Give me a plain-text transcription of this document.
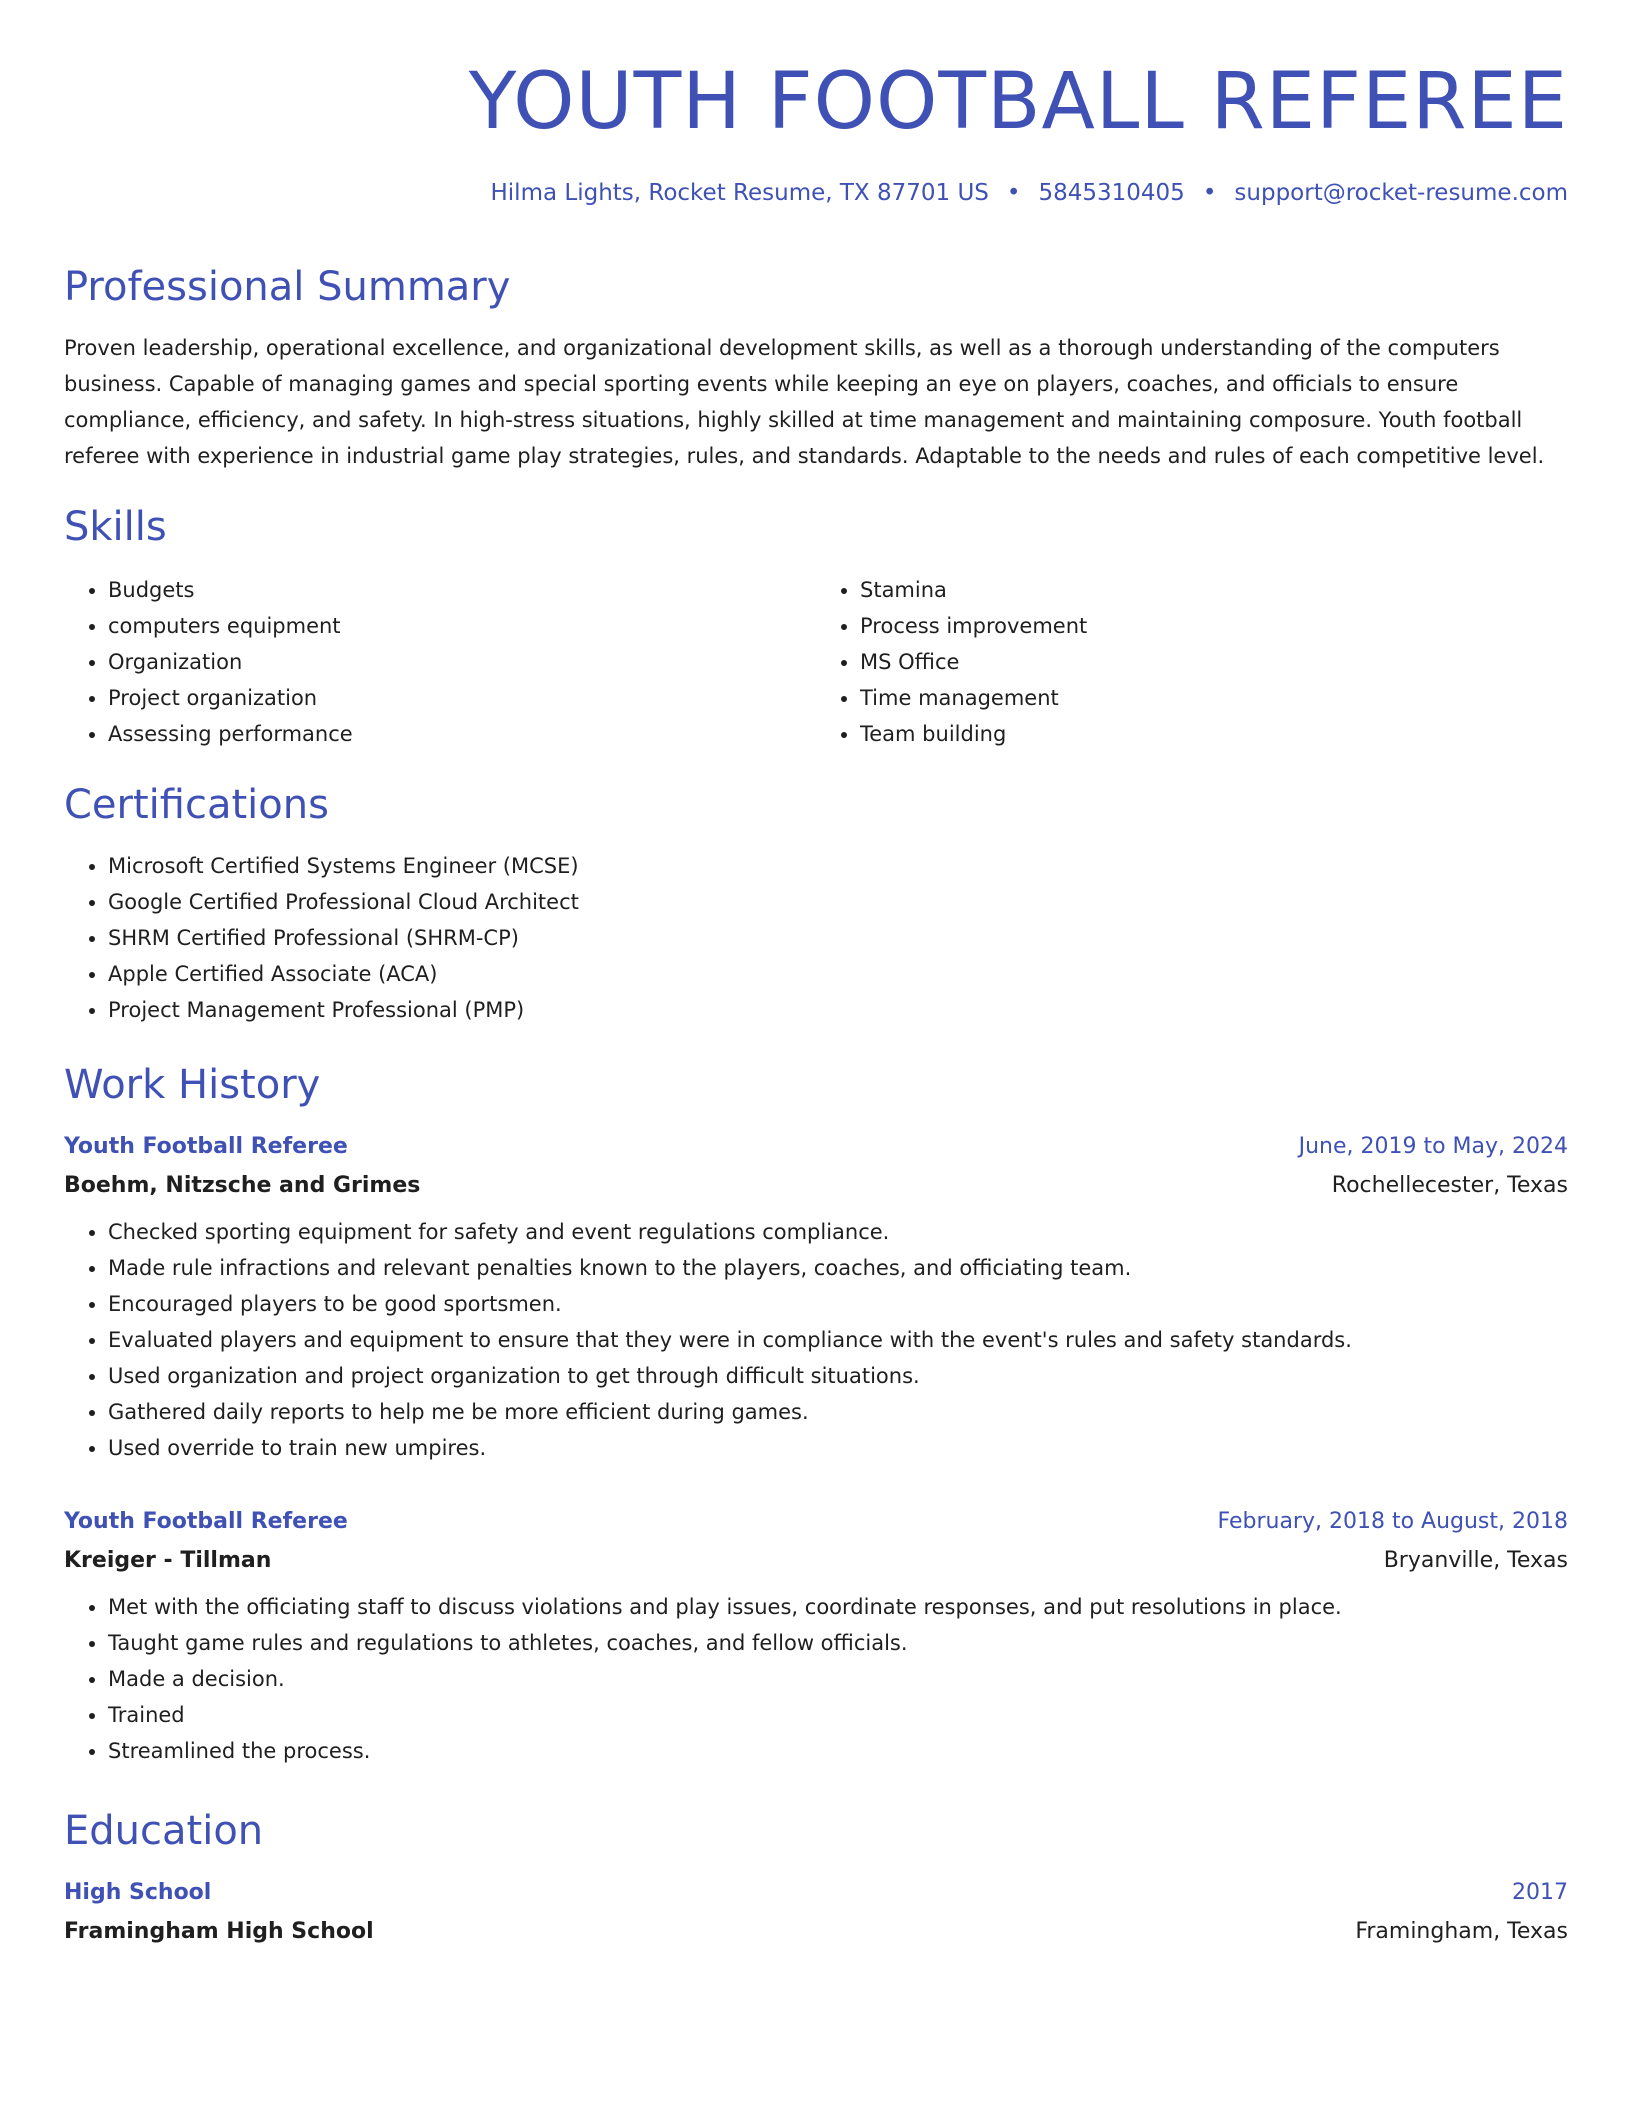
YOUTH FOOTBALL REFEREE
Hilma Lights, Rocket Resume, TX 87701 US • 5845310405 • support@rocket-resume.com
Professional Summary

Proven leadership, operational excellence, and organizational development skills, as well as a thorough understanding of the computers business. Capable of managing games and special sporting events while keeping an eye on players, coaches, and officials to ensure compliance, efficiency, and safety. In high-stress situations, highly skilled at time management and maintaining composure. Youth football referee with experience in industrial game play strategies, rules, and standards. Adaptable to the needs and rules of each competitive level.

Skills
• Budgets
• computers equipment
• Organization
• Project organization
• Assessing performance
• Stamina
• Process improvement
• MS Office
• Time management
• Team building
Certifications
• Microsoft Certified Systems Engineer (MCSE)
• Google Certified Professional Cloud Architect
• SHRM Certified Professional (SHRM-CP)
• Apple Certified Associate (ACA)
• Project Management Professional (PMP)
Work History
Youth Football Referee	June, 2019 to May, 2024
Boehm, Nitzsche and Grimes	Rochellecester, Texas
• Checked sporting equipment for safety and event regulations compliance.
• Made rule infractions and relevant penalties known to the players, coaches, and officiating team.
• Encouraged players to be good sportsmen.
• Evaluated players and equipment to ensure that they were in compliance with the event's rules and safety standards.
• Used organization and project organization to get through difficult situations.
• Gathered daily reports to help me be more efficient during games.
• Used override to train new umpires.
Youth Football Referee	February, 2018 to August, 2018
Kreiger - Tillman	Bryanville, Texas
• Met with the officiating staff to discuss violations and play issues, coordinate responses, and put resolutions in place.
• Taught game rules and regulations to athletes, coaches, and fellow officials.
• Made a decision.
• Trained
• Streamlined the process.
Education
High School	2017
Framingham High School	Framingham, Texas
